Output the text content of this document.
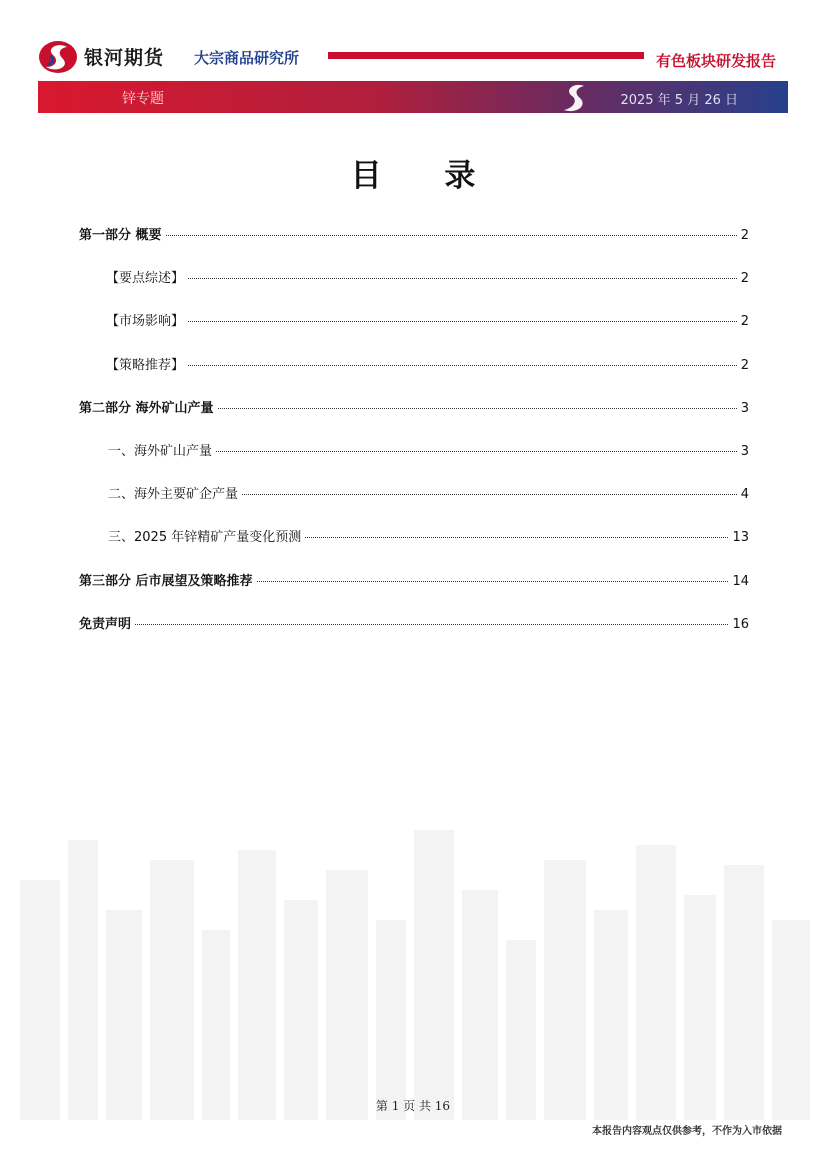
银河期货 大宗商品研究所	有色板块研发报告
锌专题	2025 年 5 月 26 日
目 录
第一部分 概要	2
【要点综述】	2
【市场影响】	2
【策略推荐】	2
第二部分 海外矿山产量	3
一、海外矿山产量	3
二、海外主要矿企产量	4
三、2025 年锌精矿产量变化预测	13
第三部分 后市展望及策略推荐	14
免责声明	16
第 1 页 共 16
本报告内容观点仅供参考，不作为入市依据
